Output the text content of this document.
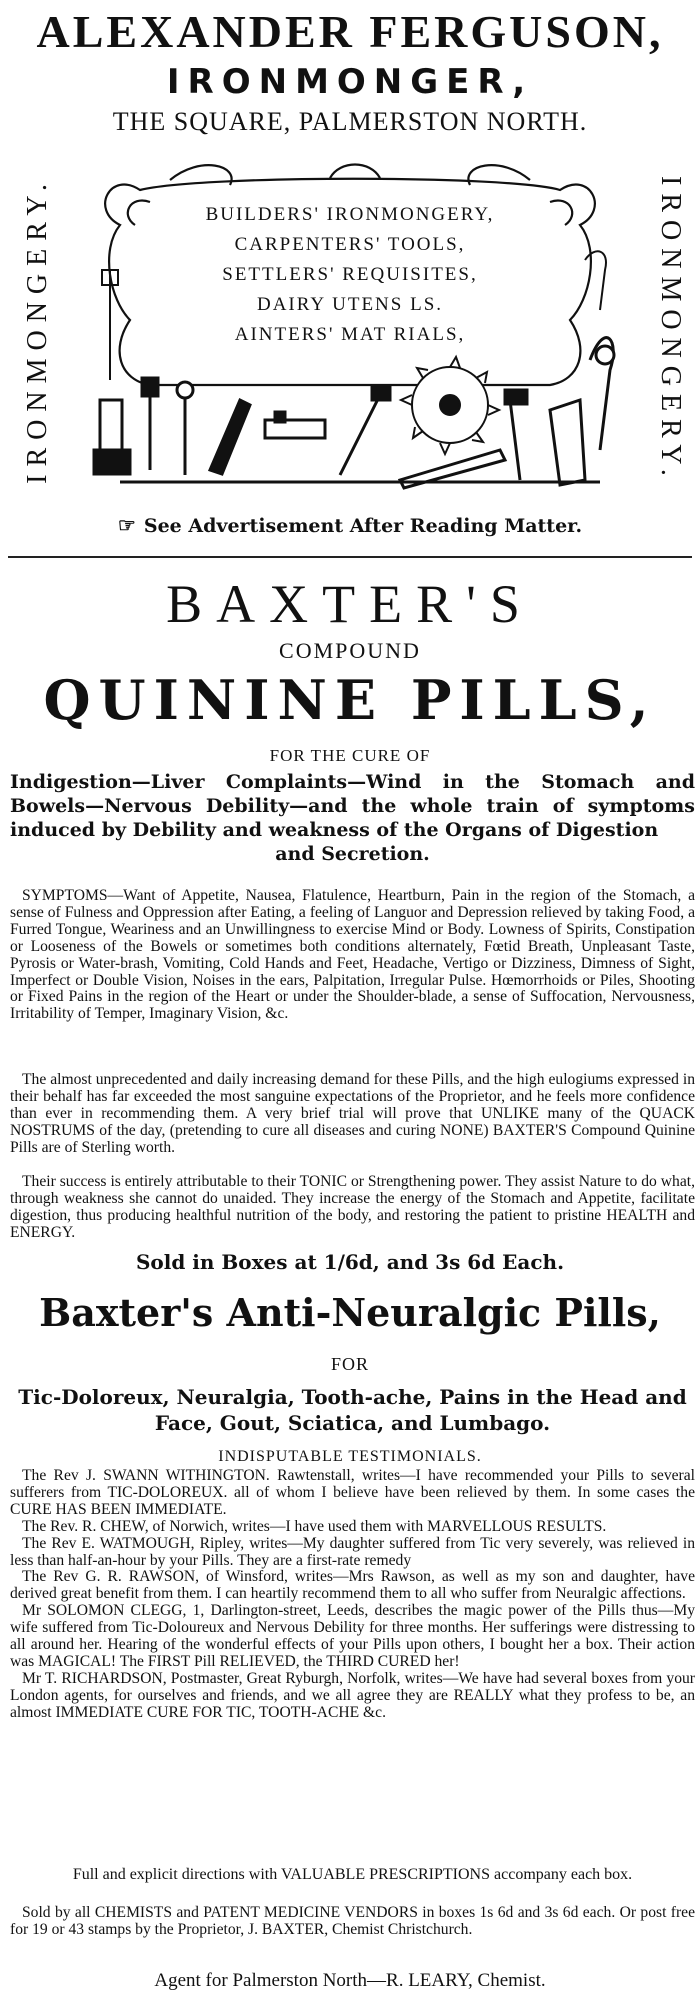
ALEXANDER FERGUSON,
IRONMONGER,
THE SQUARE, PALMERSTON NORTH.
IRONMONGERY.	IRONMONGERY.
BUILDERS' IRONMONGERY,
CARPENTERS' TOOLS,
SETTLERS' REQUISITES,
DAIRY UTENS LS.
AINTERS' MAT RIALS,
☞ See Advertisement After Reading Matter.
BAXTER'S
COMPOUND
QUININE PILLS,
FOR THE CURE OF
Indigestion—Liver Complaints—Wind in the Stomach and Bowels—Nervous Debility—and the whole train of symptoms induced by Debility and weakness of the Organs of Digestion
and Secretion.

SYMPTOMS—Want of Appetite, Nausea, Flatulence, Heartburn, Pain in the region of the Stomach, a sense of Fulness and Oppression after Eating, a feeling of Languor and Depression relieved by taking Food, a Furred Tongue, Weariness and an Unwillingness to exercise Mind or Body. Lowness of Spirits, Constipation or Looseness of the Bowels or sometimes both conditions alternately, Fœtid Breath, Unpleasant Taste, Pyrosis or Water-brash, Vomiting, Cold Hands and Feet, Headache, Vertigo or Dizziness, Dimness of Sight, Imperfect or Double Vision, Noises in the ears, Palpitation, Irregular Pulse. Hœmorrhoids or Piles, Shooting or Fixed Pains in the region of the Heart or under the Shoulder-blade, a sense of Suffocation, Nervousness, Irritability of Temper, Imaginary Vision, &c.

The almost unprecedented and daily increasing demand for these Pills, and the high eulogiums expressed in their behalf has far exceeded the most sanguine expectations of the Proprietor, and he feels more confidence than ever in recommending them. A very brief trial will prove that UNLIKE many of the QUACK NOSTRUMS of the day, (pretending to cure all diseases and curing NONE) BAXTER'S Compound Quinine Pills are of Sterling worth.

Their success is entirely attributable to their TONIC or Strengthening power. They assist Nature to do what, through weakness she cannot do unaided. They increase the energy of the Stomach and Appetite, facilitate digestion, thus producing healthful nutrition of the body, and restoring the patient to pristine HEALTH and ENERGY.

Sold in Boxes at 1/6d, and 3s 6d Each.
Baxter's Anti-Neuralgic Pills,
FOR
Tic-Doloreux, Neuralgia, Tooth-ache, Pains in the Head and Face, Gout, Sciatica, and Lumbago.
INDISPUTABLE TESTIMONIALS.

The Rev J. SWANN WITHINGTON. Rawtenstall, writes—I have recommended your Pills to several sufferers from TIC-DOLOREUX. all of whom I believe have been relieved by them. In some cases the CURE HAS BEEN IMMEDIATE.

The Rev. R. CHEW, of Norwich, writes—I have used them with MARVELLOUS RESULTS.

The Rev E. WATMOUGH, Ripley, writes—My daughter suffered from Tic very severely, was relieved in less than half-an-hour by your Pills. They are a first-rate remedy

The Rev G. R. RAWSON, of Winsford, writes—Mrs Rawson, as well as my son and daughter, have derived great benefit from them. I can heartily recommend them to all who suffer from Neuralgic affections.

Mr SOLOMON CLEGG, 1, Darlington-street, Leeds, describes the magic power of the Pills thus—My wife suffered from Tic-Doloureux and Nervous Debility for three months. Her sufferings were distressing to all around her. Hearing of the wonderful effects of your Pills upon others, I bought her a box. Their action was MAGICAL! The FIRST Pill RELIEVED, the THIRD CURED her!

Mr T. RICHARDSON, Postmaster, Great Ryburgh, Norfolk, writes—We have had several boxes from your London agents, for ourselves and friends, and we all agree they are REALLY what they profess to be, an almost IMMEDIATE CURE FOR TIC, TOOTH-ACHE &c.

Full and explicit directions with VALUABLE PRESCRIPTIONS accompany each box.

Sold by all CHEMISTS and PATENT MEDICINE VENDORS in boxes 1s 6d and 3s 6d each. Or post free for 19 or 43 stamps by the Proprietor, J. BAXTER, Chemist Christchurch.

Agent for Palmerston North—R. LEARY, Chemist.
